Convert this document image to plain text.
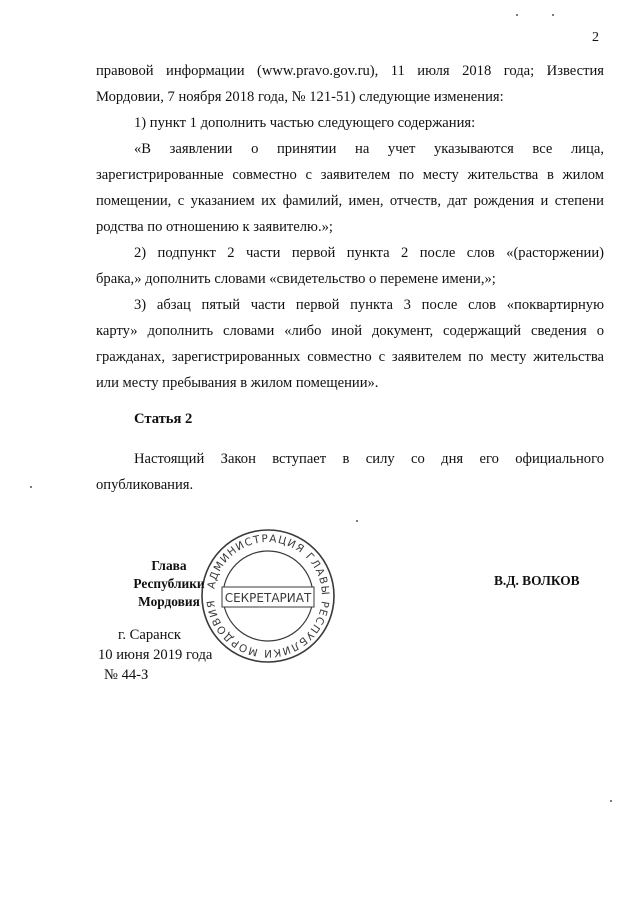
2
правовой информации (www.pravo.gov.ru), 11 июля 2018 года; Известия
Мордовии, 7 ноября 2018 года, № 121-51) следующие изменения:
1) пункт 1 дополнить частью следующего содержания:
«В заявлении о принятии на учет указываются все лица,
зарегистрированные совместно с заявителем по месту жительства в жилом
помещении, с указанием их фамилий, имен, отчеств, дат рождения и степени
родства по отношению к заявителю.»;
2) подпункт 2 части первой пункта 2 после слов «(расторжении)
брака,» дополнить словами «свидетельство о перемене имени,»;
3) абзац пятый части первой пункта 3 после слов «поквартирную
карту» дополнить словами «либо иной документ, содержащий сведения о
гражданах, зарегистрированных совместно с заявителем по месту жительства
или месту пребывания в жилом помещении».
Статья 2
Настоящий Закон вступает в силу со дня его официального
опубликования.
АДМИНИСТРАЦИЯ ГЛАВЫ РЕСПУБЛИКИ МОРДОВИЯ СЕКРЕТАРИАТ
Глава
Республики Мордовия
В.Д. ВОЛКОВ
г. Саранск
10 июня 2019 года
№ 44-З
